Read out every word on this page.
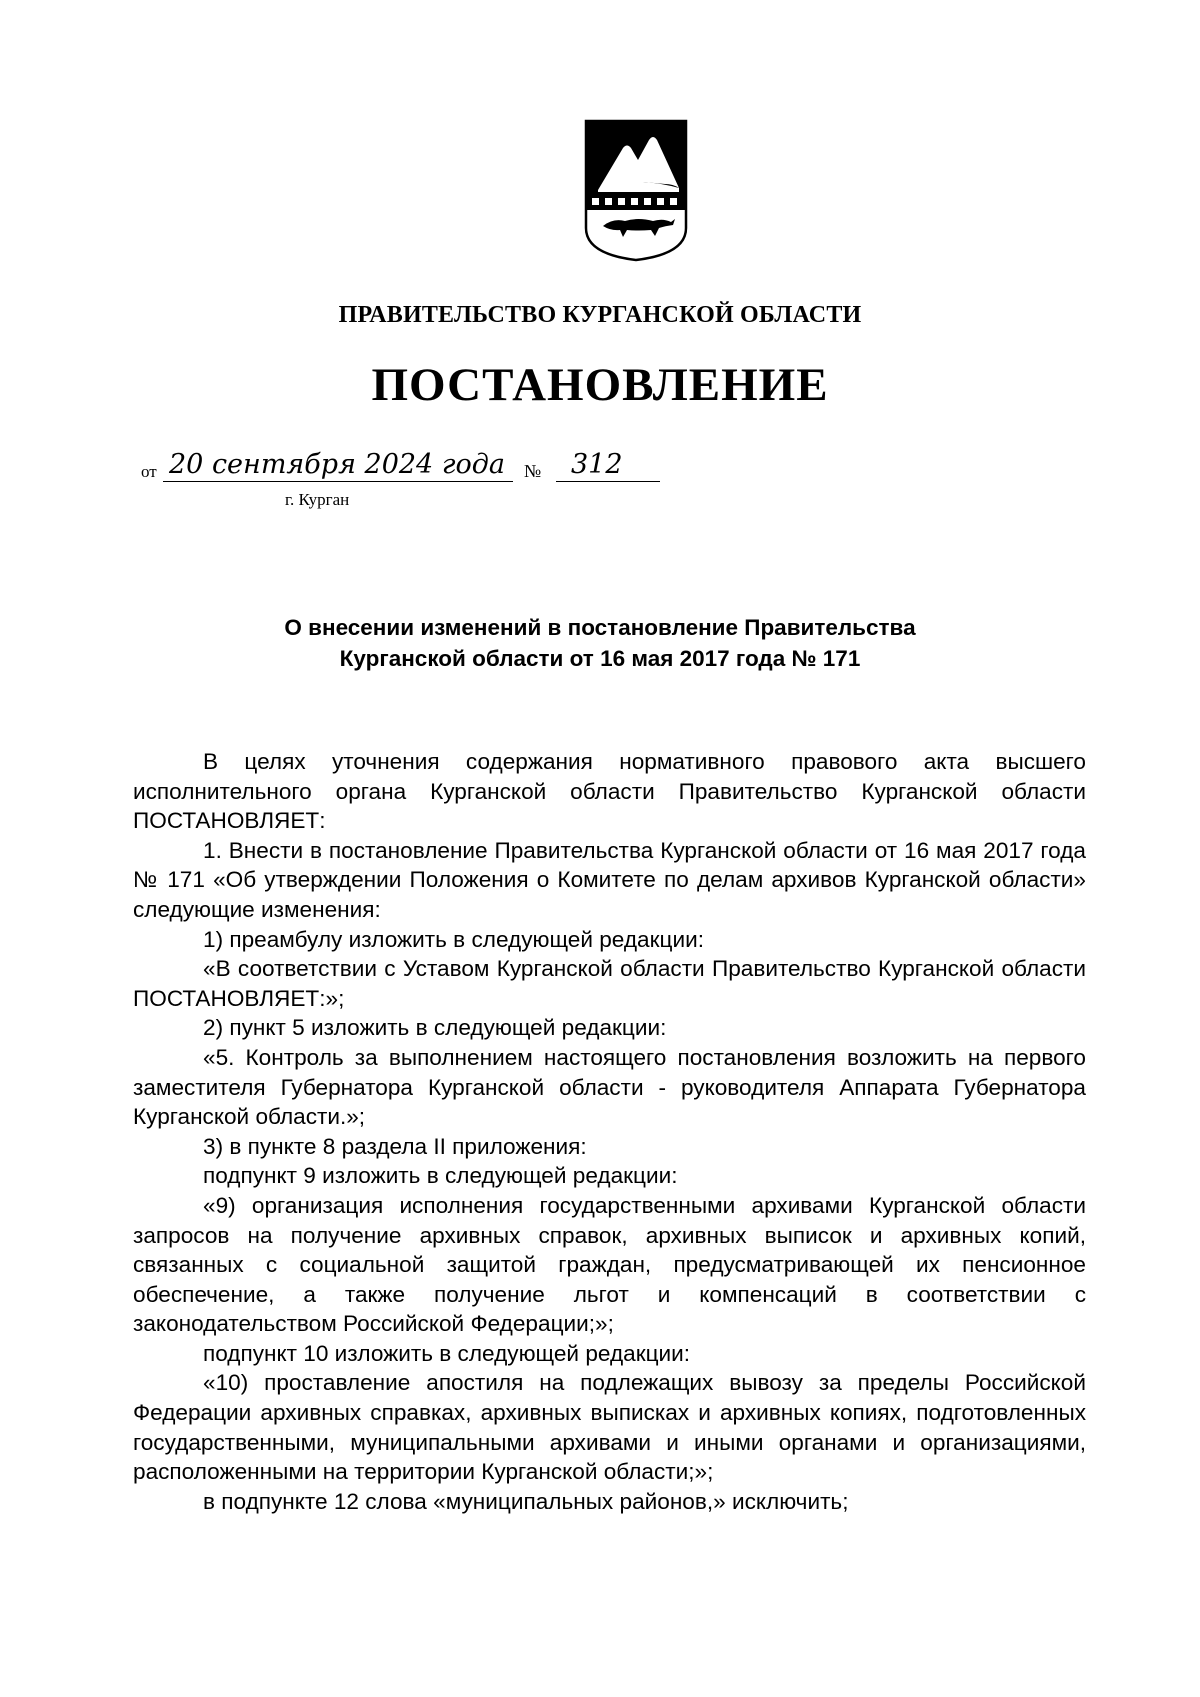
ПРАВИТЕЛЬСТВО КУРГАНСКОЙ ОБЛАСТИ
ПОСТАНОВЛЕНИЕ
от 20 сентября 2024 года № 312
г. Курган
О внесении изменений в постановление Правительства
Курганской области от 16 мая 2017 года № 171

В целях уточнения содержания нормативного правового акта высшего исполнительного органа Курганской области Правительство Курганской области ПОСТАНОВЛЯЕТ:

1. Внести в постановление Правительства Курганской области от 16 мая 2017 года № 171 «Об утверждении Положения о Комитете по делам архивов Курганской области» следующие изменения:

1) преамбулу изложить в следующей редакции:

«В соответствии с Уставом Курганской области Правительство Курганской области ПОСТАНОВЛЯЕТ:»;

2) пункт 5 изложить в следующей редакции:

«5. Контроль за выполнением настоящего постановления возложить на первого заместителя Губернатора Курганской области - руководителя Аппарата Губернатора Курганской области.»;

3) в пункте 8 раздела II приложения:

подпункт 9 изложить в следующей редакции:

«9) организация исполнения государственными архивами Курганской области запросов на получение архивных справок, архивных выписок и архивных копий, связанных с социальной защитой граждан, предусматривающей их пенсионное обеспечение, а также получение льгот и компенсаций в соответствии с законодательством Российской Федерации;»;

подпункт 10 изложить в следующей редакции:

«10) проставление апостиля на подлежащих вывозу за пределы Российской Федерации архивных справках, архивных выписках и архивных копиях, подготовленных государственными, муниципальными архивами и иными органами и организациями, расположенными на территории Курганской области;»;

в подпункте 12 слова «муниципальных районов,» исключить;
